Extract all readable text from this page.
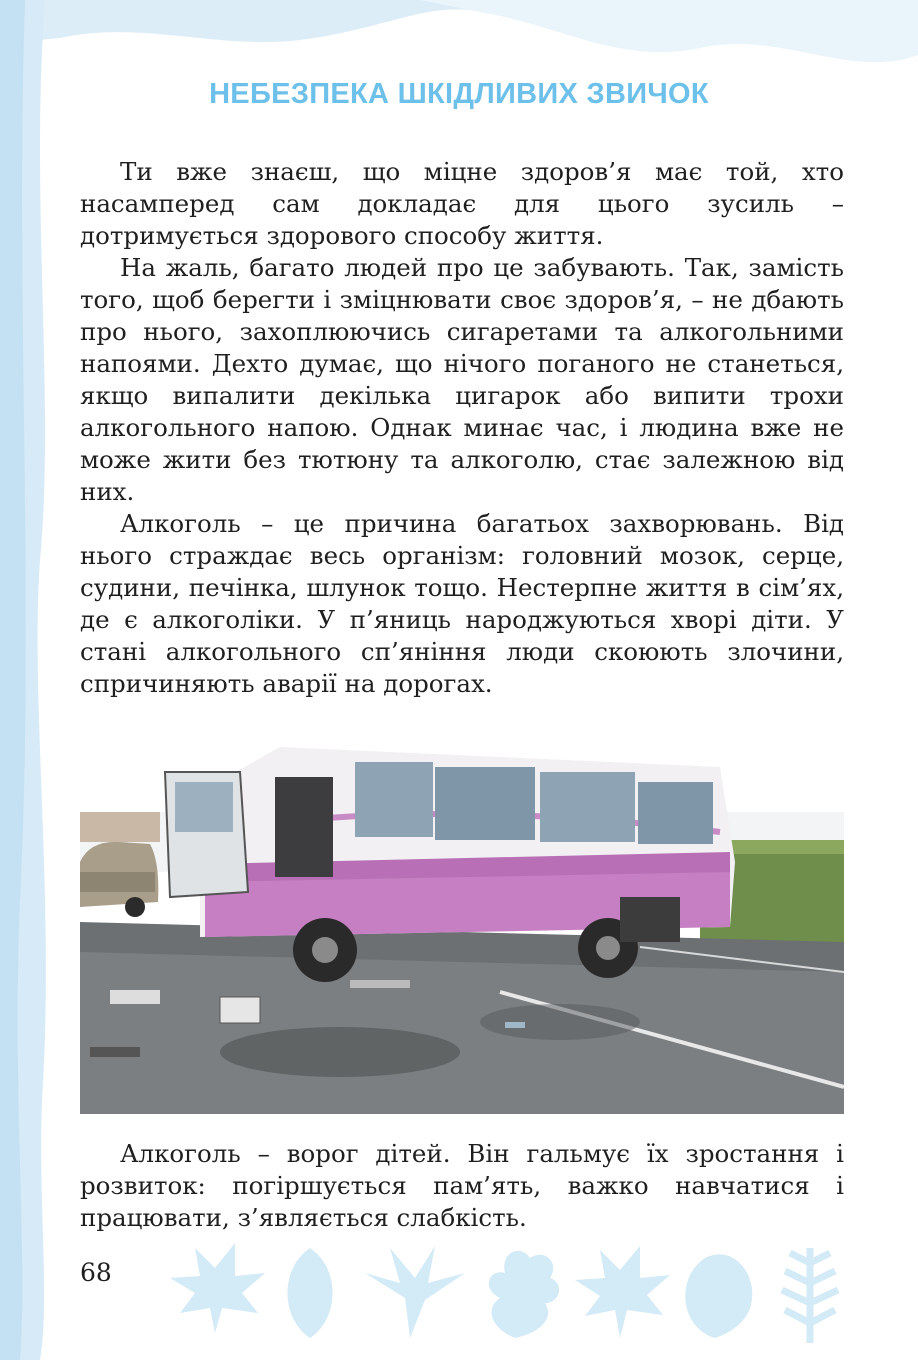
НЕБЕЗПЕКА ШКІДЛИВИХ ЗВИЧОК

Ти вже знаєш, що міцне здоров’я має той, хто насамперед сам докладає для цього зусиль – дотримується здорового способу життя.

На жаль, багато людей про це забувають. Так, замість того, щоб берегти і зміцнювати своє здоров’я, – не дбають про нього, захоплюючись сигаретами та алкогольними напоями. Дехто думає, що нічого поганого не станеться, якщо випалити декілька цигарок або випити трохи алкогольного напою. Однак минає час, і людина вже не може жити без тютюну та алкоголю, стає залежною від них.

Алкоголь – це причина багатьох захворювань. Від нього страждає весь організм: головний мозок, серце, судини, печінка, шлунок тощо. Нестерпне життя в сім’ях, де є алкоголіки. У п’яниць народжуються хворі діти. У стані алкогольного сп’яніння люди скоюють злочини, спричиняють аварії на дорогах.

Алкоголь – ворог дітей. Він гальмує їх зростання і розвиток: погіршується пам’ять, важко навчатися і працювати, з’являється слабкість.

68
